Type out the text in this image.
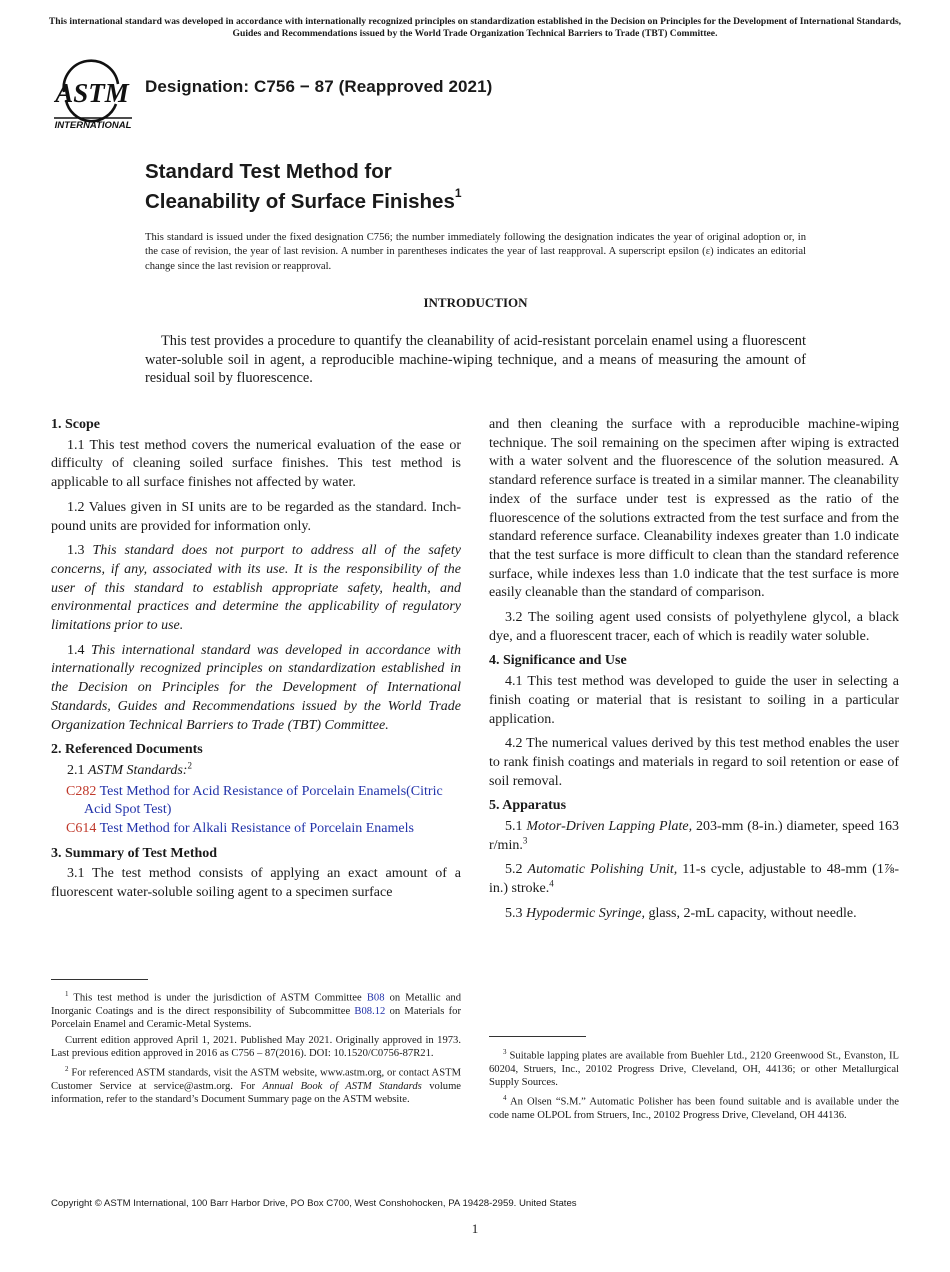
This international standard was developed in accordance with internationally recognized principles on standardization established in the Decision on Principles for the Development of International Standards, Guides and Recommendations issued by the World Trade Organization Technical Barriers to Trade (TBT) Committee.
ASTM
INTERNATIONAL
Designation: C756 − 87 (Reapproved 2021)
Standard Test Method for
Cleanability of Surface Finishes$^1$
This standard is issued under the fixed designation C756; the number immediately following the designation indicates the year of original adoption or, in the case of revision, the year of last revision. A number in parentheses indicates the year of last reapproval. A superscript epsilon (ε) indicates an editorial change since the last revision or reapproval.
INTRODUCTION
This test provides a procedure to quantify the cleanability of acid-resistant porcelain enamel using a fluorescent water-soluble soil in agent, a reproducible machine-wiping technique, and a means of measuring the amount of residual soil by fluorescence.
1. Scope

1.1 This test method covers the numerical evaluation of the ease or difficulty of cleaning soiled surface finishes. This test method is applicable to all surface finishes not affected by water.

1.2 Values given in SI units are to be regarded as the standard. Inch-pound units are provided for information only.

1.3 This standard does not purport to address all of the safety concerns, if any, associated with its use. It is the responsibility of the user of this standard to establish appropriate safety, health, and environmental practices and determine the applicability of regulatory limitations prior to use.

1.4 This international standard was developed in accordance with internationally recognized principles on standardization established in the Decision on Principles for the Development of International Standards, Guides and Recommendations issued by the World Trade Organization Technical Barriers to Trade (TBT) Committee.

2. Referenced Documents

2.1 ASTM Standards:$^2$

C282 Test Method for Acid Resistance of Porcelain Enamels(Citric Acid Spot Test)

C614 Test Method for Alkali Resistance of Porcelain Enamels

3. Summary of Test Method

3.1 The test method consists of applying an exact amount of a fluorescent water-soluble soiling agent to a specimen surface

and then cleaning the surface with a reproducible machine-wiping technique. The soil remaining on the specimen after wiping is extracted with a water solvent and the fluorescence of the solution measured. A standard reference surface is treated in a similar manner. The cleanability index of the surface under test is expressed as the ratio of the fluorescence of the solutions extracted from the test surface and from the standard reference surface. Cleanability indexes greater than 1.0 indicate that the test surface is more difficult to clean than the standard reference surface, while indexes less than 1.0 indicate that the test surface is more easily cleanable than the standard of comparison.

3.2 The soiling agent used consists of polyethylene glycol, a black dye, and a fluorescent tracer, each of which is readily water soluble.

4. Significance and Use

4.1 This test method was developed to guide the user in selecting a finish coating or material that is resistant to soiling in a particular application.

4.2 The numerical values derived by this test method enables the user to rank finish coatings and materials in regard to soil retention or ease of soil removal.

5. Apparatus

5.1 Motor-Driven Lapping Plate, 203-mm (8-in.) diameter, speed 163 r/min.$^3$

5.2 Automatic Polishing Unit, 11-s cycle, adjustable to 48-mm (1⅞-in.) stroke.$^4$

5.3 Hypodermic Syringe, glass, 2-mL capacity, without needle.

$^1$ This test method is under the jurisdiction of ASTM Committee B08 on Metallic and Inorganic Coatings and is the direct responsibility of Subcommittee B08.12 on Materials for Porcelain Enamel and Ceramic-Metal Systems.

Current edition approved April 1, 2021. Published May 2021. Originally approved in 1973. Last previous edition approved in 2016 as C756 – 87(2016). DOI: 10.1520/C0756-87R21.

$^2$ For referenced ASTM standards, visit the ASTM website, www.astm.org, or contact ASTM Customer Service at service@astm.org. For Annual Book of ASTM Standards volume information, refer to the standard’s Document Summary page on the ASTM website.

$^3$ Suitable lapping plates are available from Buehler Ltd., 2120 Greenwood St., Evanston, IL 60204, Struers, Inc., 20102 Progress Drive, Cleveland, OH, 44136; or other Metallurgical Supply Sources.

$^4$ An Olsen “S.M.” Automatic Polisher has been found suitable and is available under the code name OLPOL from Struers, Inc., 20102 Progress Drive, Cleveland, OH 44136.

Copyright © ASTM International, 100 Barr Harbor Drive, PO Box C700, West Conshohocken, PA 19428-2959. United States
1
